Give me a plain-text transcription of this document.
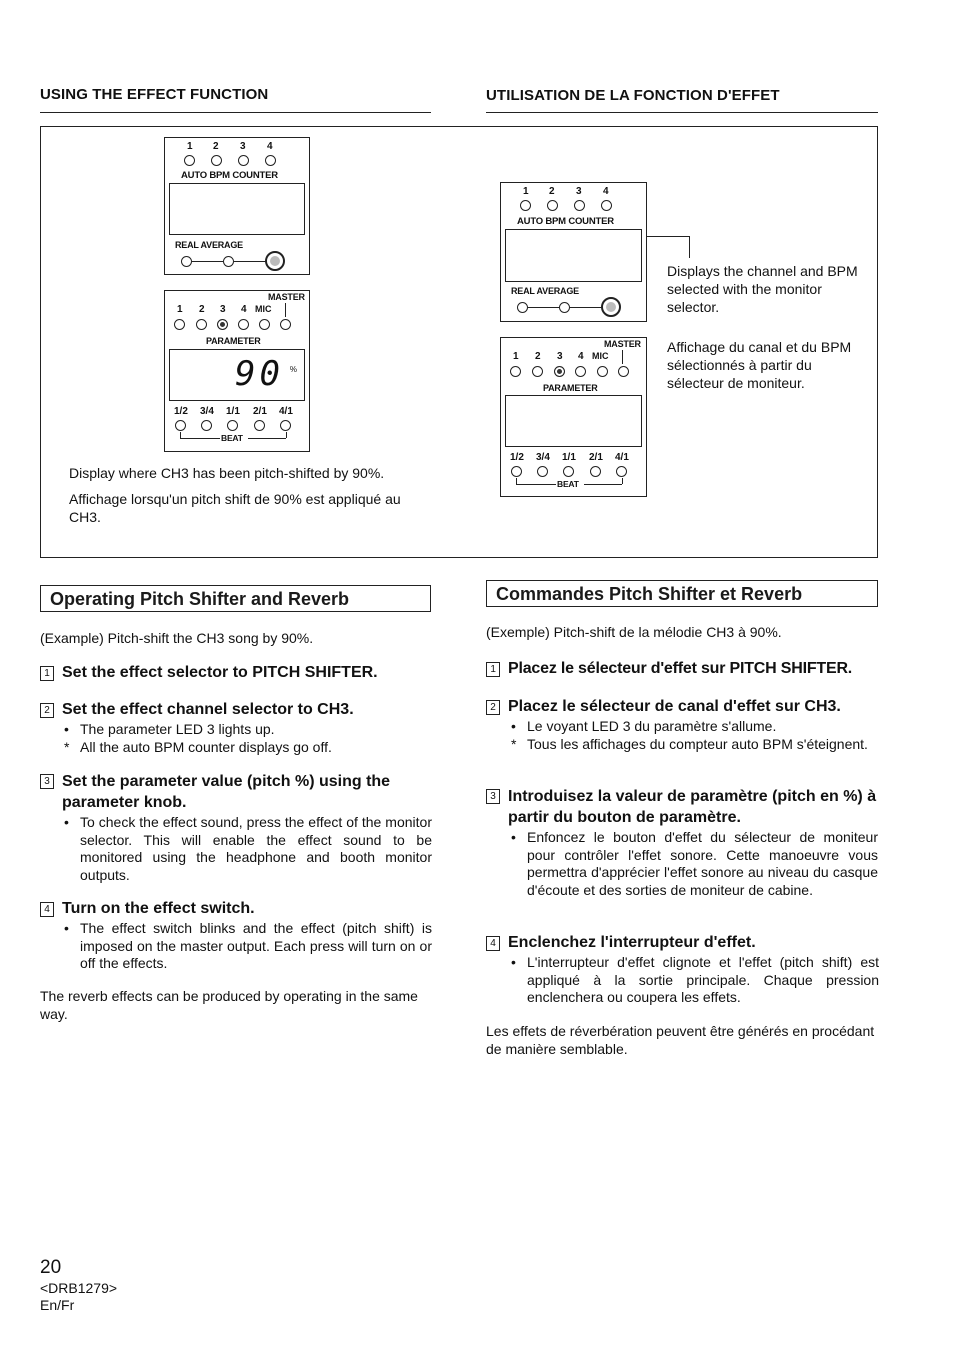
USING THE EFFECT FUNCTION	UTILISATION DE LA FONCTION D'EFFET
1 2 3 4
AUTO BPM COUNTER
REAL AVERAGE
MASTER
1 2 3 4 MIC
PARAMETER
90 %
1/2 3/4 1/1 2/1 4/1
BEAT
Display where CH3 has been pitch-shifted by 90%.
Affichage lorsqu'un pitch shift de 90% est appliqué au CH3.
1 2 3 4
AUTO BPM COUNTER
REAL AVERAGE
MASTER
1 2 3 4 MIC
PARAMETER
1/2 3/4 1/1 2/1 4/1
BEAT
Displays the channel and BPM selected with the monitor selector.
Affichage du canal et du BPM sélectionnés à partir du sélecteur de moniteur.
Operating Pitch Shifter and Reverb
(Example) Pitch-shift the CH3 song by 90%.
1 Set the effect selector to PITCH SHIFTER.
2 Set the effect channel selector to CH3.
• The parameter LED 3 lights up.
* All the auto BPM counter displays go off.
3 Set the parameter value (pitch %) using the parameter knob.
• To check the effect sound, press the effect of the monitor selector. This will enable the effect sound to be monitored using the headphone and booth monitor outputs.
4 Turn on the effect switch.
• The effect switch blinks and the effect (pitch shift) is imposed on the master output. Each press will turn on or off the effects.
The reverb effects can be produced by operating in the same way.
Commandes Pitch Shifter et Reverb
(Exemple) Pitch-shift de la mélodie CH3 à 90%.
1 Placez le sélecteur d'effet sur PITCH SHIFTER.
2 Placez le sélecteur de canal d'effet sur CH3.
• Le voyant LED 3 du paramètre s'allume.
* Tous les affichages du compteur auto BPM s'éteignent.
3 Introduisez la valeur de paramètre (pitch en %) à partir du bouton de paramètre.
• Enfoncez le bouton d'effet du sélecteur de moniteur pour contrôler l'effet sonore. Cette manoeuvre vous permettra d'apprécier l'effet sonore au niveau du casque d'écoute et des sorties de moniteur de cabine.
4 Enclenchez l'interrupteur d'effet.
• L'interrupteur d'effet clignote et l'effet (pitch shift) est appliqué à la sortie principale. Chaque pression enclenchera ou coupera les effets.
Les effets de réverbération peuvent être générés en procédant de manière semblable.
20
<DRB1279>
En/Fr
